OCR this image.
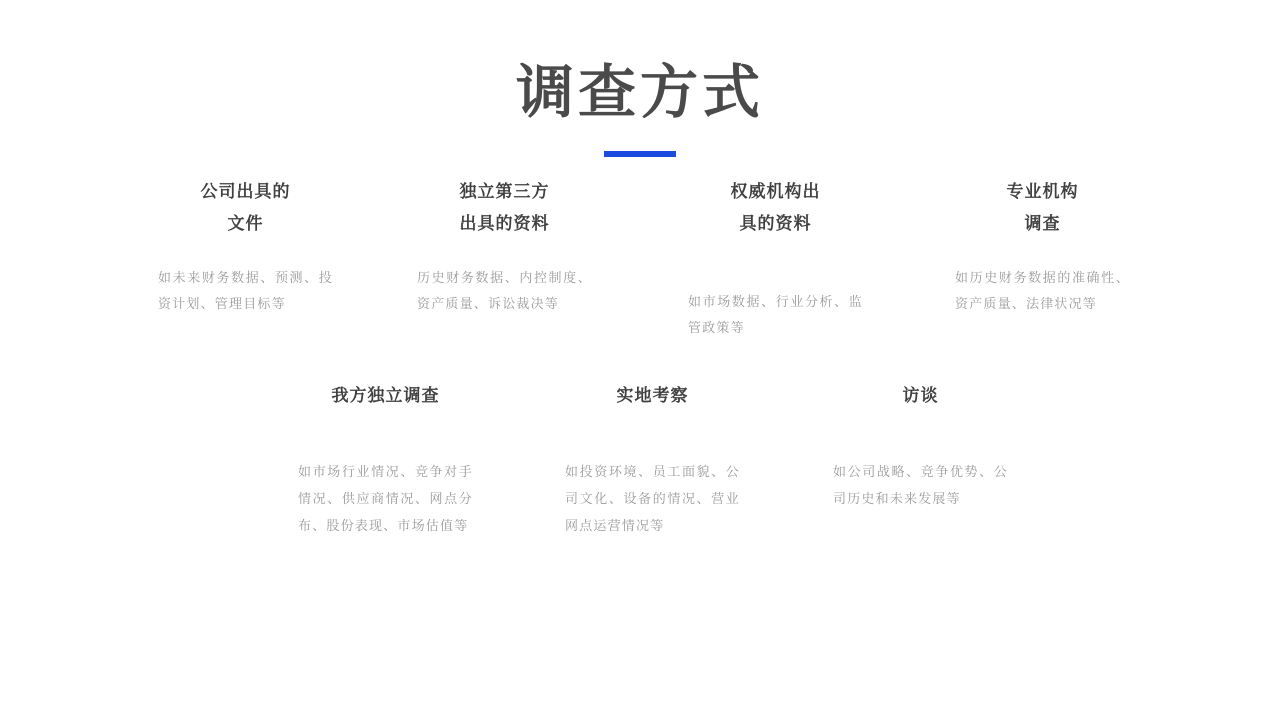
调查方式
公司出具的
文件
如未来财务数据、预测、投资计划、管理目标等
独立第三方
出具的资料
历史财务数据、内控制度、资产质量、诉讼裁决等
权威机构出
具的资料
如市场数据、行业分析、监管政策等
专业机构
调查
如历史财务数据的准确性、资产质量、法律状况等
我方独立调查
如市场行业情况、竞争对手情况、供应商情况、网点分布、股份表现、市场估值等
实地考察
如投资环境、员工面貌、公司文化、设备的情况、营业网点运营情况等
访谈
如公司战略、竞争优势、公司历史和未来发展等
